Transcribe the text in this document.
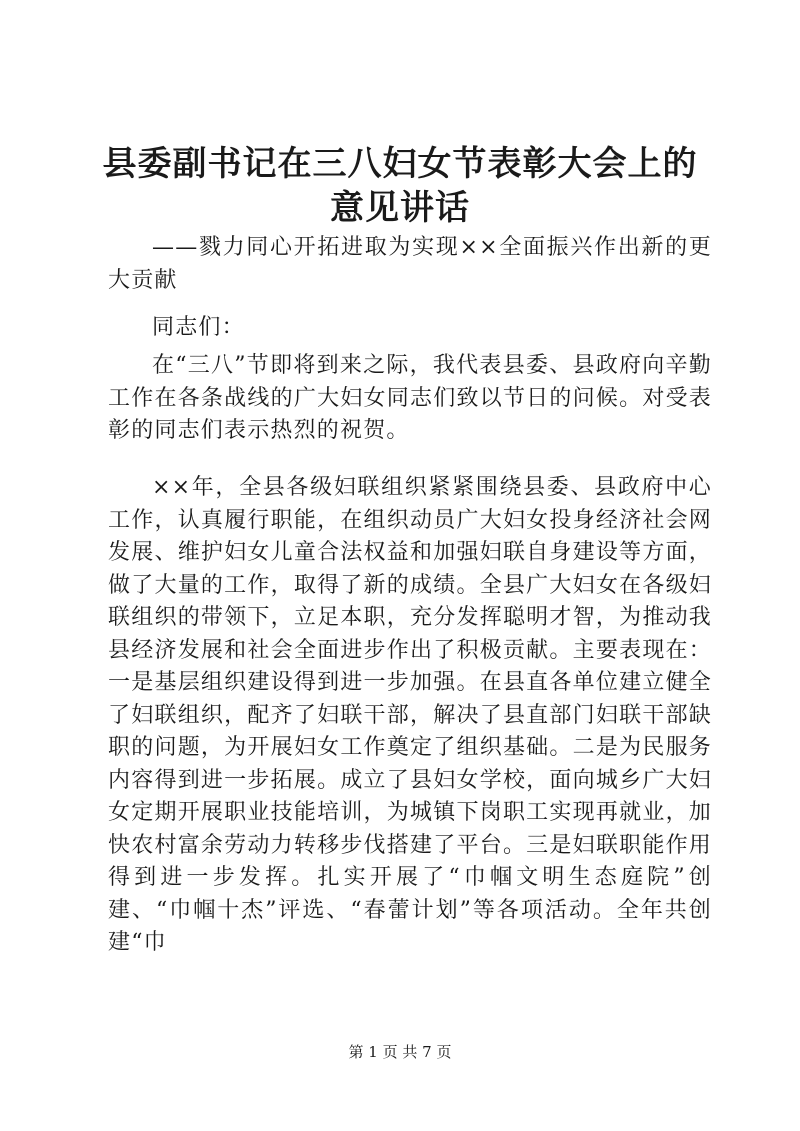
县委副书记在三八妇女节表彰大会上的意见讲话

——戮力同心开拓进取为实现××全面振兴作出新的更大贡献

同志们：

在“三八”节即将到来之际，我代表县委、县政府向辛勤工作在各条战线的广大妇女同志们致以节日的问候。对受表彰的同志们表示热烈的祝贺。

××年，全县各级妇联组织紧紧围绕县委、县政府中心工作，认真履行职能，在组织动员广大妇女投身经济社会网发展、维护妇女儿童合法权益和加强妇联自身建设等方面，做了大量的工作，取得了新的成绩。全县广大妇女在各级妇联组织的带领下，立足本职，充分发挥聪明才智，为推动我县经济发展和社会全面进步作出了积极贡献。主要表现在：一是基层组织建设得到进一步加强。在县直各单位建立健全了妇联组织，配齐了妇联干部，解决了县直部门妇联干部缺职的问题，为开展妇女工作奠定了组织基础。二是为民服务内容得到进一步拓展。成立了县妇女学校，面向城乡广大妇女定期开展职业技能培训，为城镇下岗职工实现再就业，加快农村富余劳动力转移步伐搭建了平台。三是妇联职能作用得到进一步发挥。扎实开展了“巾帼文明生态庭院”创建、“巾帼十杰”评选、“春蕾计划”等各项活动。全年共创建“巾

第 1 页 共 7 页
